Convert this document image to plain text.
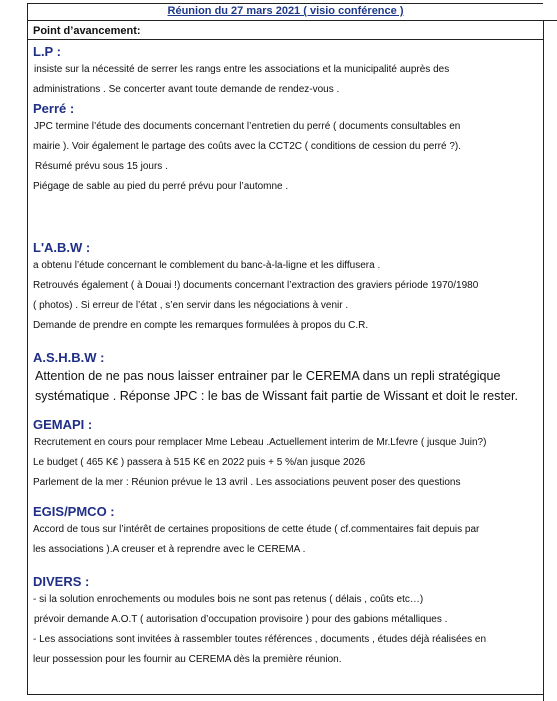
Réunion du 27 mars 2021 ( visio conférence )
Point d’avancement:

L.P :

insiste sur la nécessité de serrer les rangs entre les associations et la municipalité auprès des

administrations . Se concerter avant toute demande de rendez-vous .

Perré :

JPC termine l’étude des documents concernant l’entretien du perré ( documents consultables en

mairie ). Voir également le partage des coûts avec la CCT2C ( conditions de cession du perré ?).

Résumé prévu sous 15 jours .

Piégage de sable au pied du perré prévu pour l’automne .

L'A.B.W :

a obtenu l’étude concernant le comblement du banc-à-la-ligne et les diffusera .

Retrouvés également ( à Douai !) documents concernant l’extraction des graviers période 1970/1980

( photos) . Si erreur de l’état , s’en servir dans les négociations à venir .

Demande de prendre en compte les remarques formulées à propos du C.R.

A.S.H.B.W :

Attention de ne pas nous laisser entrainer par le CEREMA dans un repli stratégique

systématique . Réponse JPC : le bas de Wissant fait partie de Wissant et doit le rester.

GEMAPI :

Recrutement en cours pour remplacer Mme Lebeau .Actuellement interim de Mr.Lfevre ( jusque Juin?)

Le budget ( 465 K€ ) passera à 515 K€ en 2022 puis + 5 %/an jusque 2026

Parlement de la mer : Réunion prévue le 13 avril . Les associations peuvent poser des questions

EGIS/PMCO :

Accord de tous sur l’intérêt de certaines propositions de cette étude ( cf.commentaires fait depuis par

les associations ).A creuser et à reprendre avec le CEREMA .

DIVERS :

- si la solution enrochements ou modules bois ne sont pas retenus ( délais , coûts etc…)

prévoir demande A.O.T ( autorisation d’occupation provisoire ) pour des gabions métalliques .

- Les associations sont invitées à rassembler toutes références , documents , études déjà réalisées en

leur possession pour les fournir au CEREMA dès la première réunion.
